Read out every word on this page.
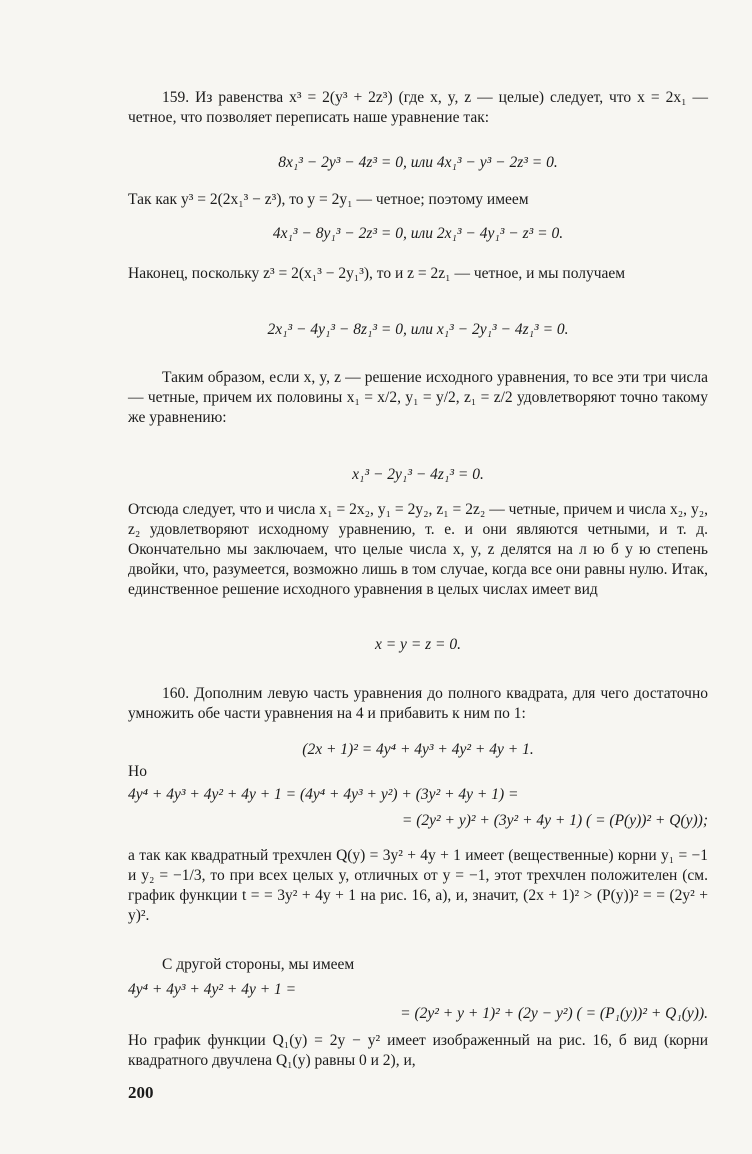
159. Из равенства x³ = 2(y³ + 2z³) (где x, y, z — целые) следует, что x = 2x₁ — четное, что позволяет переписать наше уравнение так:
8x₁³ − 2y³ − 4z³ = 0, или 4x₁³ − y³ − 2z³ = 0.
Так как y³ = 2(2x₁³ − z³), то y = 2y₁ — четное; поэтому имеем
4x₁³ − 8y₁³ − 2z³ = 0, или 2x₁³ − 4y₁³ − z³ = 0.
Наконец, поскольку z³ = 2(x₁³ − 2y₁³), то и z = 2z₁ — четное, и мы получаем
2x₁³ − 4y₁³ − 8z₁³ = 0, или x₁³ − 2y₁³ − 4z₁³ = 0.
Таким образом, если x, y, z — решение исходного уравнения, то все эти три числа — четные, причем их половины x₁ = x/2, y₁ = y/2, z₁ = z/2 удовлетворяют точно такому же уравнению:
x₁³ − 2y₁³ − 4z₁³ = 0.
Отсюда следует, что и числа x₁ = 2x₂, y₁ = 2y₂, z₁ = 2z₂ — четные, причем и числа x₂, y₂, z₂ удовлетворяют исходному уравнению, т. е. и они являются четными, и т. д. Окончательно мы заключаем, что целые числа x, y, z делятся на л ю б у ю степень двойки, что, разумеется, возможно лишь в том случае, когда все они равны нулю. Итак, единственное решение исходного уравнения в целых числах имеет вид
x = y = z = 0.
160. Дополним левую часть уравнения до полного квадрата, для чего достаточно умножить обе части уравнения на 4 и прибавить к ним по 1:
(2x + 1)² = 4y⁴ + 4y³ + 4y² + 4y + 1.
Но
4y⁴ + 4y³ + 4y² + 4y + 1 = (4y⁴ + 4y³ + y²) + (3y² + 4y + 1) =
= (2y² + y)² + (3y² + 4y + 1) ( = (P(y))² + Q(y));
а так как квадратный трехчлен Q(y) = 3y² + 4y + 1 имеет (вещественные) корни y₁ = −1 и y₂ = −1/3, то при всех целых y, отличных от y = −1, этот трехчлен положителен (см. график функции t = = 3y² + 4y + 1 на рис. 16, а), и, значит, (2x + 1)² > (P(y))² = = (2y² + y)².
С другой стороны, мы имеем
4y⁴ + 4y³ + 4y² + 4y + 1 =
= (2y² + y + 1)² + (2y − y²) ( = (P₁(y))² + Q₁(y)).
Но график функции Q₁(y) = 2y − y² имеет изображенный на рис. 16, б вид (корни квадратного двучлена Q₁(y) равны 0 и 2), и,
200
